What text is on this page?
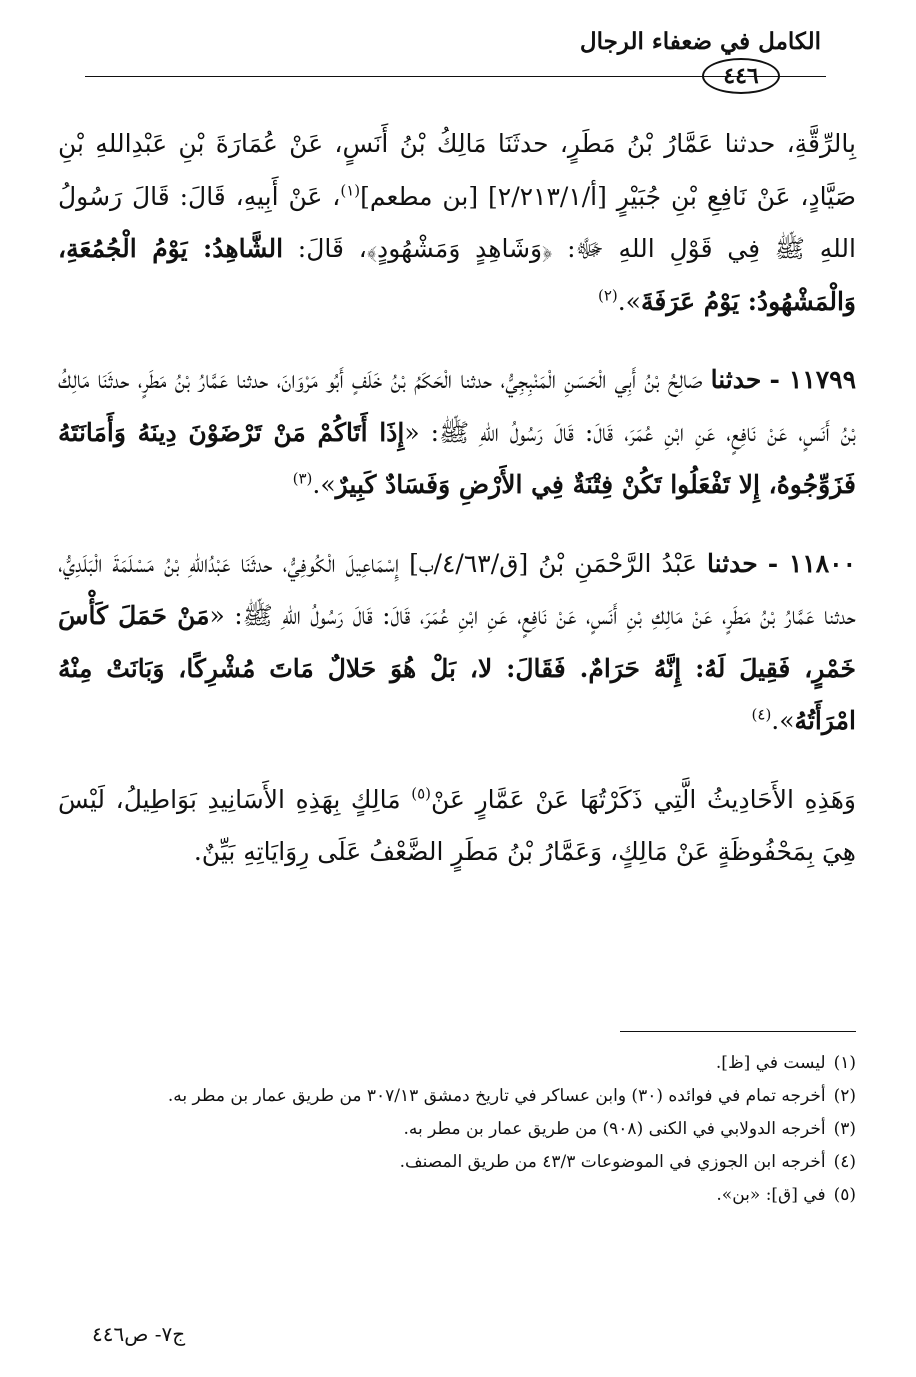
الكامل في ضعفاء الرجال
٤٤٦

بِالرِّقَّةِ، حدثنا عَمَّارُ بْنُ مَطَرٍ، حدثَنَا مَالِكُ بْنُ أَنَسٍ، عَنْ عُمَارَةَ بْنِ عَبْدِاللهِ بْنِ صَيَّادٍ، عَنْ نَافِعِ بْنِ جُبَيْرٍ [أ/٢/٢١٣/١] [بن مطعم]$^{(١)}$، عَنْ أَبِيهِ، قَالَ: قَالَ رَسُولُ اللهِ ﷺ فِي قَوْلِ اللهِ ﷻ: ﴿وَشَاهِدٍ وَمَشْهُودٍ﴾، قَالَ: الشَّاهِدُ: يَوْمُ الْجُمُعَةِ، وَالْمَشْهُودُ: يَوْمُ عَرَفَةَ».$^{(٢)}$

١١٧٩٩ - حدثنا صَالِحُ بْنُ أَبِي الْحَسَنِ الْمَنْبِجِيُّ، حدثنا الْحَكَمُ بْنُ خَلَفٍ أَبُو مَرْوَانَ، حدثنا عَمَّارُ بْنُ مَطَرٍ، حدثَنَا مَالِكُ بْنُ أَنَسٍ، عَنْ نَافِعٍ، عَنِ ابْنِ عُمَرَ، قَالَ: قَالَ رَسُولُ اللهِ ﷺ: «إِذَا أَتَاكُمْ مَنْ تَرْضَوْنَ دِينَهُ وَأَمَانَتَهُ فَزَوِّجُوهُ، إِلا تَفْعَلُوا تَكُنْ فِتْنَةٌ فِي الأَرْضِ وَفَسَادٌ كَبِيرٌ».$^{(٣)}$

١١٨٠٠ - حدثنا عَبْدُ الرَّحْمَنِ بْنُ [ق/٤/٦٣/ب] إِسْمَاعِيلَ الْكُوفِيُّ، حدثَنَا عَبْدُاللهِ بْنُ مَسْلَمَةَ الْبَلَدِيُّ، حدثنا عَمَّارُ بْنُ مَطَرٍ، عَنْ مَالِكِ بْنِ أَنَسٍ، عَنْ نَافِعٍ، عَنِ ابْنِ عُمَرَ، قَالَ: قَالَ رَسُولُ اللهِ ﷺ: «مَنْ حَمَلَ كَأْسَ خَمْرٍ، فَقِيلَ لَهُ: إِنَّهُ حَرَامٌ. فَقَالَ: لا، بَلْ هُوَ حَلالٌ مَاتَ مُشْرِكًا، وَبَانَتْ مِنْهُ امْرَأَتُهُ».$^{(٤)}$

وَهَذِهِ الأَحَادِيثُ الَّتِي ذَكَرْتُهَا عَنْ عَمَّارٍ عَنْ$^{(٥)}$ مَالِكٍ بِهَذِهِ الأَسَانِيدِ بَوَاطِيلُ، لَيْسَ هِيَ بِمَحْفُوظَةٍ عَنْ مَالِكٍ، وَعَمَّارُ بْنُ مَطَرٍ الضَّعْفُ عَلَى رِوَايَاتِهِ بَيِّنٌ.

(١)ليست في [ظ].
(٢)أخرجه تمام في فوائده (٣٠) وابن عساكر في تاريخ دمشق ٣٠٧/١٣ من طريق عمار بن مطر به.
(٣)أخرجه الدولابي في الكنى (٩٠٨) من طريق عمار بن مطر به.
(٤)أخرجه ابن الجوزي في الموضوعات ٤٣/٣ من طريق المصنف.
(٥)في [ق]: «بن».
ج٧- ص٤٤٦
